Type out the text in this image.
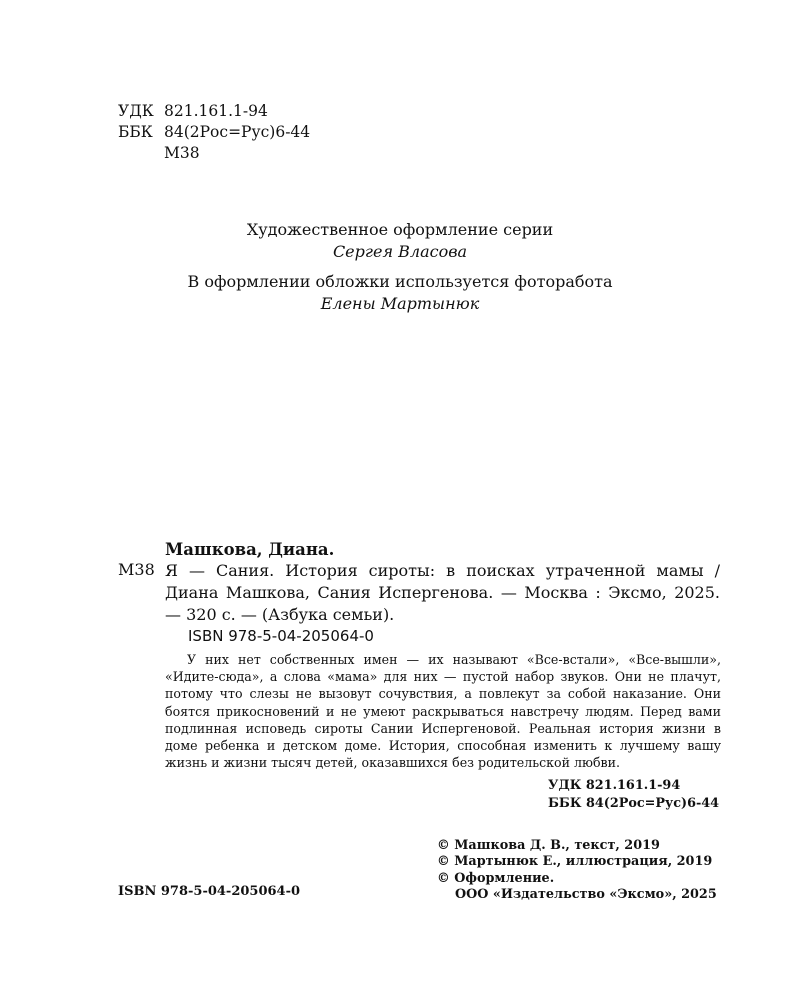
УДК 821.161.1-94
ББК 84(2Рос=Рус)6-44
М38
Художественное оформление серии
Сергея Власова
В оформлении обложки используется фоторабота
Елены Мартынюк
Машкова, Диана.
М38 Я — Сания. История сироты: в поисках утраченной мамы / Диана Машкова, Сания Испергенова. — Москва : Эксмо, 2025. — 320 с. — (Азбука семьи).
ISBN 978-5-04-205064-0
У них нет собственных имен — их называют «Все-встали», «Все-вышли», «Идите-сюда», а слова «мама» для них — пустой набор звуков. Они не плачут, потому что слезы не вызовут сочувствия, а повлекут за собой наказание. Они боятся прикосновений и не умеют раскрываться навстречу людям. Перед вами подлинная исповедь сироты Сании Испергеновой. Реальная история жизни в доме ребенка и детском доме. История, способная изменить к лучшему вашу жизнь и жизни тысяч детей, оказавшихся без родительской любви.
УДК 821.161.1-94
ББК 84(2Рос=Рус)6-44
© Машкова Д. В., текст, 2019
© Мартынюк Е., иллюстрация, 2019
© Оформление.
ООО «Издательство «Эксмо», 2025
ISBN 978-5-04-205064-0
